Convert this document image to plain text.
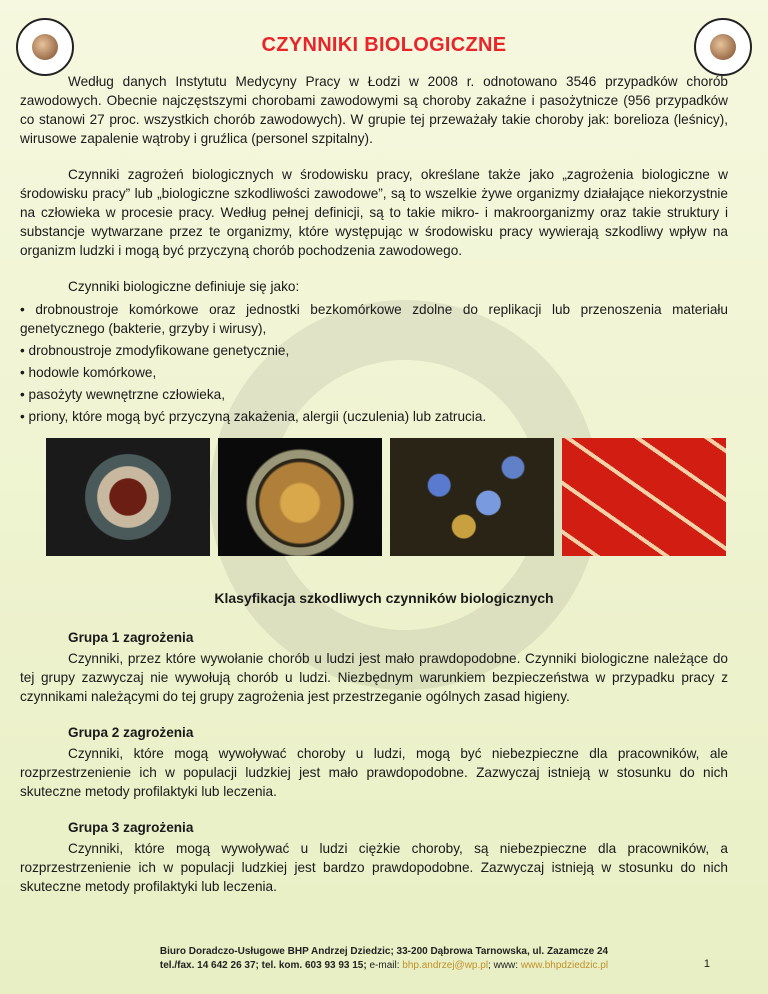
CZYNNIKI BIOLOGICZNE

Według danych Instytutu Medycyny Pracy w Łodzi w 2008 r. odnotowano 3546 przypadków chorób zawodowych. Obecnie najczęstszymi chorobami zawodowymi są choroby zakaźne i pasożytnicze (956 przypadków co stanowi 27 proc. wszystkich chorób zawodowych). W grupie tej przeważały takie choroby jak: borelioza (leśnicy), wirusowe zapalenie wątroby i gruźlica (personel szpitalny).

Czynniki zagrożeń biologicznych w środowisku pracy, określane także jako „zagrożenia biologiczne w środowisku pracy” lub „biologiczne szkodliwości zawodowe”, są to wszelkie żywe organizmy działające niekorzystnie na człowieka w procesie pracy. Według pełnej definicji, są to takie mikro- i makroorganizmy oraz takie struktury i substancje wytwarzane przez te organizmy, które występując w środowisku pracy wywierają szkodliwy wpływ na organizm ludzki i mogą być przyczyną chorób pochodzenia zawodowego.

Czynniki biologiczne definiuje się jako:

• drobnoustroje komórkowe oraz jednostki bezkomórkowe zdolne do replikacji lub przenoszenia materiału genetycznego (bakterie, grzyby i wirusy),
• drobnoustroje zmodyfikowane genetycznie,
• hodowle komórkowe,
• pasożyty wewnętrzne człowieka,
• priony, które mogą być przyczyną zakażenia, alergii (uczulenia) lub zatrucia.
Klasyfikacja szkodliwych czynników biologicznych

Grupa 1 zagrożenia

Czynniki, przez które wywołanie chorób u ludzi jest mało prawdopodobne. Czynniki biologiczne należące do tej grupy zazwyczaj nie wywołują chorób u ludzi. Niezbędnym warunkiem bezpieczeństwa w przypadku pracy z czynnikami należącymi do tej grupy zagrożenia jest przestrzeganie ogólnych zasad higieny.

Grupa 2 zagrożenia

Czynniki, które mogą wywoływać choroby u ludzi, mogą być niebezpieczne dla pracowników, ale rozprzestrzenienie ich w populacji ludzkiej jest mało prawdopodobne. Zazwyczaj istnieją w stosunku do nich skuteczne metody profilaktyki lub leczenia.

Grupa 3 zagrożenia

Czynniki, które mogą wywoływać u ludzi ciężkie choroby, są niebezpieczne dla pracowników, a rozprzestrzenienie ich w populacji ludzkiej jest bardzo prawdopodobne. Zazwyczaj istnieją w stosunku do nich skuteczne metody profilaktyki lub leczenia.

Biuro Doradczo-Usługowe BHP Andrzej Dziedzic; 33-200 Dąbrowa Tarnowska, ul. Zazamcze 24
tel./fax. 14 642 26 37; tel. kom. 603 93 93 15; e-mail: bhp.andrzej@wp.pl; www: www.bhpdziedzic.pl	1
